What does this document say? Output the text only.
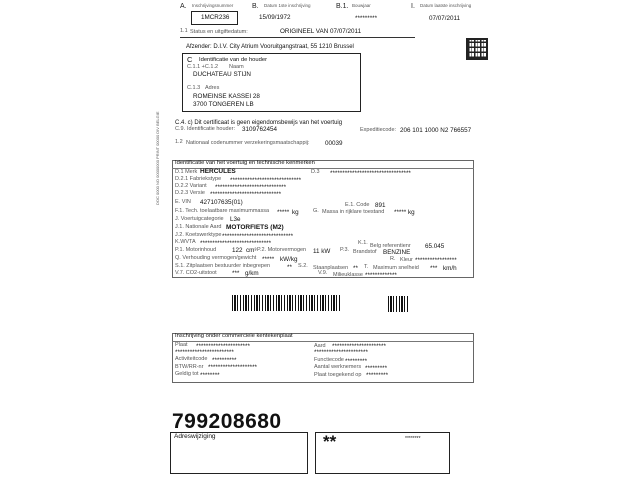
A. Inschrijvingsnummer
1MCR236
B. Datum 1ste inschrijving
15/09/1972
B.1. Bouwjaar
*********
I. Datum laatste inschrijving
07/07/2011
1.1 Status en uitgiftedatum:	ORIGINEEL VAN 07/07/2011
Afzender: D.I.V. City Atrium Vooruitgangstraat, 55 1210 Brussel
C Identificatie van de houder
C.1.1 +C.1.2 Naam
DUCHATEAU STIJN
C.1.3 Adres
ROMEINSE KASSEI 28
3700 TONGEREN LB
C.4. c) Dit certificaat is geen eigendomsbewijs van het voertuig
C.9. Identificatie houder: 3109762454	Expeditiecode: 206 101 1000 N2 766557
1.2 Nationaal codenummer verzekeringsmaatschappij: 00039
Identificatie van het voertuig en technische kenmerken
D.1 Merk HERCULES	D.3 *********************************
D.2.1 Fabriekstype *****************************
D.2.2 Variant *****************************
D.2.3 Versie *****************************
E. VIN 427107635(01)	E.1. Code 891
F.1. Tech. toelaatbare maximummassa ***** kg	G. Massa in rijklare toestand ***** kg
J. Voertuigcategorie L3e
J.1. Nationale Aard MOTORFIETS (M2)
J.2. Koetswerktype *****************************
K.WVTA *****************************	K.1. Belg referentienr 65.045
P.1. Motorinhoud	122 cm³ P.2. Motorvermogen 11 kW P.3. Brandstof BENZINE
Q. Verhouding vermogen/gewicht ***** kW/kg	R. Kleur *****************
S.1. Zitplaatsen bestuurder inbegrepen	** S.2. Staanplaatsen ** T. Maximum snelheid *** km/h
V.7. CO2-uitstoot *** g/km	V.9. Milieuklasse *************
DOC 0000 NO 00000000 PRINT 00000 DIV BELGIE
Inschrijving onder commerciele kentekenplaat
Plaat **********************	Aard **********************
************************	**********************
Activiteitcode **********	Functiecode *********
BTW/RR-nr ********************	Aantal werknemers *********
Geldig tot ********	Plaat toegekend op *********
799208680
Adreswijziging	**	********
